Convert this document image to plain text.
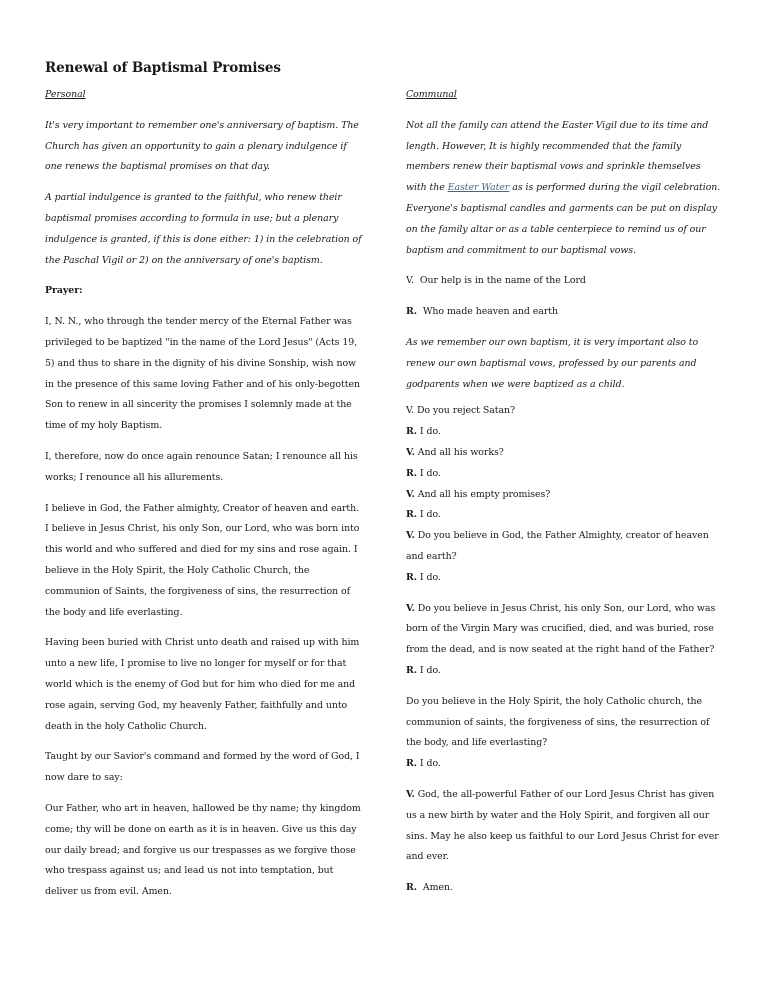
Renewal of Baptismal Promises

Personal

It's very important to remember one's anniversary of baptism. The Church has given an opportunity to gain a plenary indulgence if one renews the baptismal promises on that day.

A partial indulgence is granted to the faithful, who renew their baptismal promises according to formula in use; but a plenary indulgence is granted, if this is done either: 1) in the celebration of the Paschal Vigil or 2) on the anniversary of one's baptism.

Prayer:

I, N. N., who through the tender mercy of the Eternal Father was privileged to be baptized "in the name of the Lord Jesus" (Acts 19, 5) and thus to share in the dignity of his divine Sonship, wish now in the presence of this same loving Father and of his only-begotten Son to renew in all sincerity the promises I solemnly made at the time of my holy Baptism.

I, therefore, now do once again renounce Satan; I renounce all his works; I renounce all his allurements.

I believe in God, the Father almighty, Creator of heaven and earth. I believe in Jesus Christ, his only Son, our Lord, who was born into this world and who suffered and died for my sins and rose again. I believe in the Holy Spirit, the Holy Catholic Church, the communion of Saints, the forgiveness of sins, the resurrection of the body and life everlasting.

Having been buried with Christ unto death and raised up with him unto a new life, I promise to live no longer for myself or for that world which is the enemy of God but for him who died for me and rose again, serving God, my heavenly Father, faithfully and unto death in the holy Catholic Church.

Taught by our Savior's command and formed by the word of God, I now dare to say:

Our Father, who art in heaven, hallowed be thy name; thy kingdom come; thy will be done on earth as it is in heaven. Give us this day our daily bread; and forgive us our trespasses as we forgive those who trespass against us; and lead us not into temptation, but deliver us from evil. Amen.

Communal

Not all the family can attend the Easter Vigil due to its time and length. However, It is highly recommended that the family members renew their baptismal vows and sprinkle themselves with the Easter Water as is performed during the vigil celebration. Everyone's baptismal candles and garments can be put on display on the family altar or as a table centerpiece to remind us of our baptism and commitment to our baptismal vows.

V. Our help is in the name of the Lord

R. Who made heaven and earth

As we remember our own baptism, it is very important also to renew our own baptismal vows, professed by our parents and godparents when we were baptized as a child.

V. Do you reject Satan?

R. I do.

V. And all his works?

R. I do.

V. And all his empty promises?

R. I do.

V. Do you believe in God, the Father Almighty, creator of heaven and earth?

R. I do.

V. Do you believe in Jesus Christ, his only Son, our Lord, who was born of the Virgin Mary was crucified, died, and was buried, rose from the dead, and is now seated at the right hand of the Father?

R. I do.

Do you believe in the Holy Spirit, the holy Catholic church, the communion of saints, the forgiveness of sins, the resurrection of the body, and life everlasting?

R. I do.

V. God, the all-powerful Father of our Lord Jesus Christ has given us a new birth by water and the Holy Spirit, and forgiven all our sins. May he also keep us faithful to our Lord Jesus Christ for ever and ever.

R. Amen.
